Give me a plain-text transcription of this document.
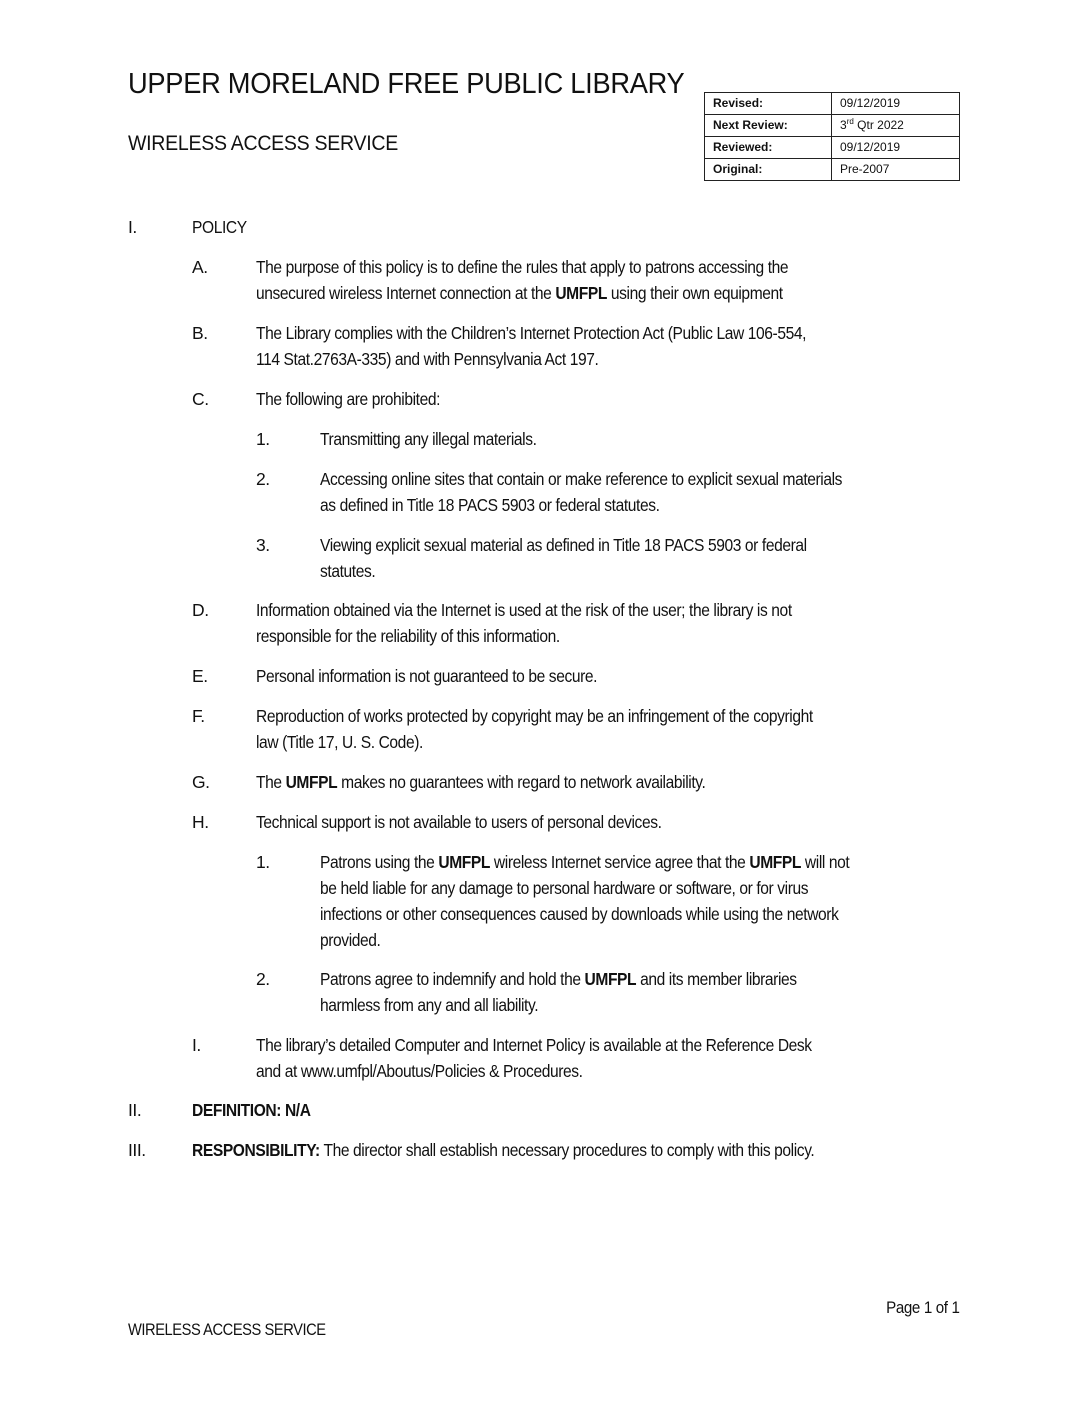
UPPER MORELAND FREE PUBLIC LIBRARY
WIRELESS ACCESS SERVICE
Revised:	09/12/2019
Next Review:	3rd Qtr 2022
Reviewed:	09/12/2019
Original:	Pre-2007
I.	POLICY
A.	The purpose of this policy is to define the rules that apply to patrons accessing the
unsecured wireless Internet connection at the UMFPL using their own equipment
B.	The Library complies with the Children’s Internet Protection Act (Public Law 106-554,
114 Stat.2763A-335) and with Pennsylvania Act 197.
C.	The following are prohibited:
1.	Transmitting any illegal materials.
2.	Accessing online sites that contain or make reference to explicit sexual materials
as defined in Title 18 PACS 5903 or federal statutes.
3.	Viewing explicit sexual material as defined in Title 18 PACS 5903 or federal
statutes.
D.	Information obtained via the Internet is used at the risk of the user; the library is not
responsible for the reliability of this information.
E.	Personal information is not guaranteed to be secure.
F.	Reproduction of works protected by copyright may be an infringement of the copyright
law (Title 17, U. S. Code).
G.	The UMFPL makes no guarantees with regard to network availability.
H.	Technical support is not available to users of personal devices.
1.	Patrons using the UMFPL wireless Internet service agree that the UMFPL will not
be held liable for any damage to personal hardware or software, or for virus
infections or other consequences caused by downloads while using the network
provided.
2.	Patrons agree to indemnify and hold the UMFPL and its member libraries
harmless from any and all liability.
I.	The library’s detailed Computer and Internet Policy is available at the Reference Desk
and at www.umfpl/Aboutus/Policies & Procedures.
II.	DEFINITION: N/A
III.	RESPONSIBILITY: The director shall establish necessary procedures to comply with this policy.
Page 1 of 1
WIRELESS ACCESS SERVICE
